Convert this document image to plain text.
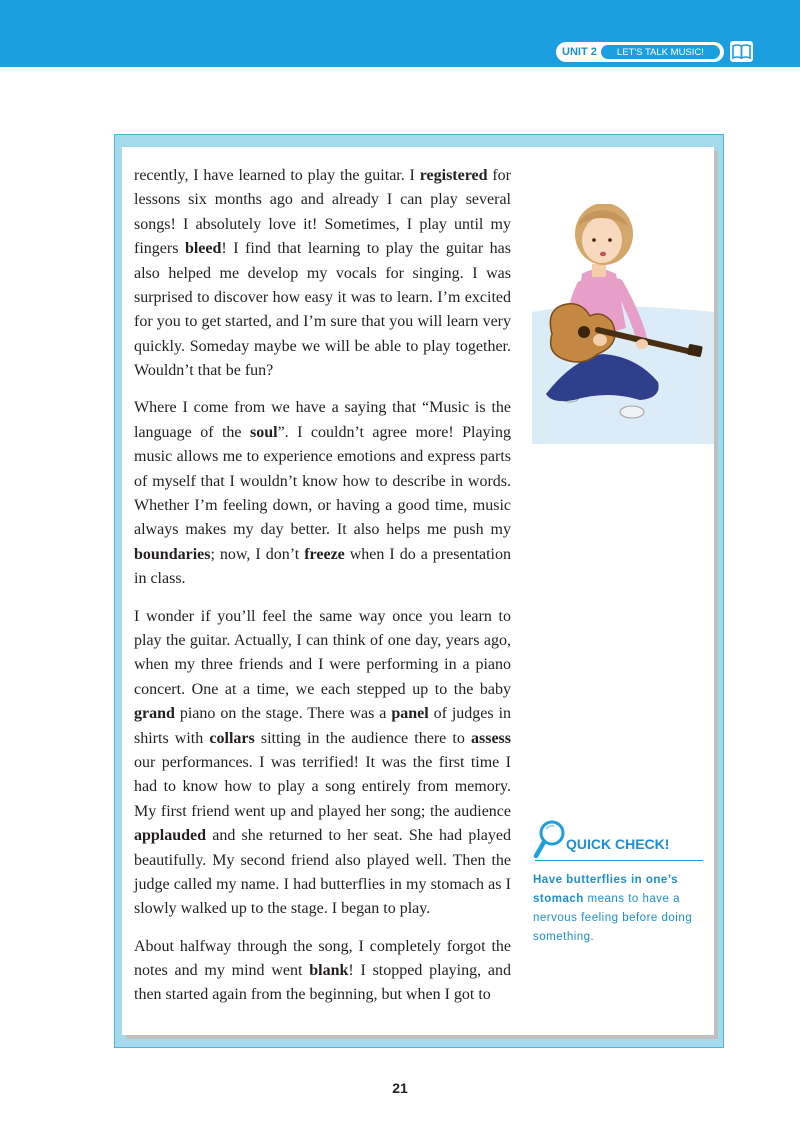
UNIT 2	LET'S TALK MUSIC!

recently, I have learned to play the guitar. I registered for lessons six months ago and already I can play several songs! I absolutely love it! Sometimes, I play until my fingers bleed! I find that learning to play the guitar has also helped me develop my vocals for singing. I was surprised to discover how easy it was to learn. I’m excited for you to get started, and I’m sure that you will learn very quickly. Someday maybe we will be able to play together. Wouldn’t that be fun?

Where I come from we have a saying that “Music is the language of the soul”. I couldn’t agree more! Playing music allows me to experience emotions and express parts of myself that I wouldn’t know how to describe in words. Whether I’m feeling down, or having a good time, music always makes my day better. It also helps me push my boundaries; now, I don’t freeze when I do a presentation in class.

I wonder if you’ll feel the same way once you learn to play the guitar. Actually, I can think of one day, years ago, when my three friends and I were performing in a piano concert. One at a time, we each stepped up to the baby grand piano on the stage. There was a panel of judges in shirts with collars sitting in the audience there to assess our performances. I was terrified! It was the first time I had to know how to play a song entirely from memory. My first friend went up and played her song; the audience applauded and she returned to her seat. She had played beautifully. My second friend also played well. Then the judge called my name. I had butterflies in my stomach as I slowly walked up to the stage. I began to play.

About halfway through the song, I completely forgot the notes and my mind went blank! I stopped playing, and then started again from the beginning, but when I got to

QUICK CHECK!
Have butterflies in one’s stomach means to have a nervous feeling before doing something.
21
